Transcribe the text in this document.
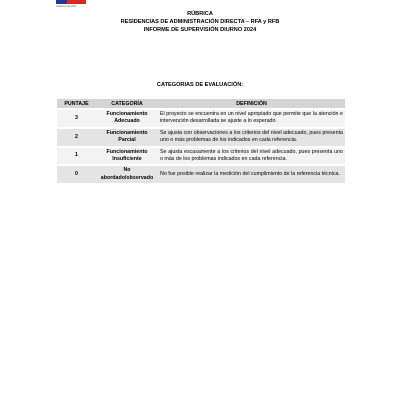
Gobierno de Chile
RÚBRICA
RESIDENCIAS DE ADMINISTRACIÓN DIRECTA – RFA y RFB
INFORME DE SUPERVISIÓN DIURNO 2024
CATEGORIAS DE EVALUACIÓN:
PUNTAJE	CATEGORÍA	DEFINICIÓN
3	Funcionamiento Adecuado	El proyecto se encuentra en un nivel apropiado que permite que la atención e intervención desarrollada se ajuste a lo esperado.
2	Funcionamiento Parcial	Se ajusta con observaciones a los criterios del nivel adecuado, pues presenta uno o más problemas de los indicados en cada referencia.
1	Funcionamiento Insuficiente	Se ajusta escasamente a los criterios del nivel adecuado, pues presenta uno o más de los problemas indicados en cada referencia.
0	No abordado/observado	No fue posible realizar la medición del cumplimiento de la referencia técnica.
